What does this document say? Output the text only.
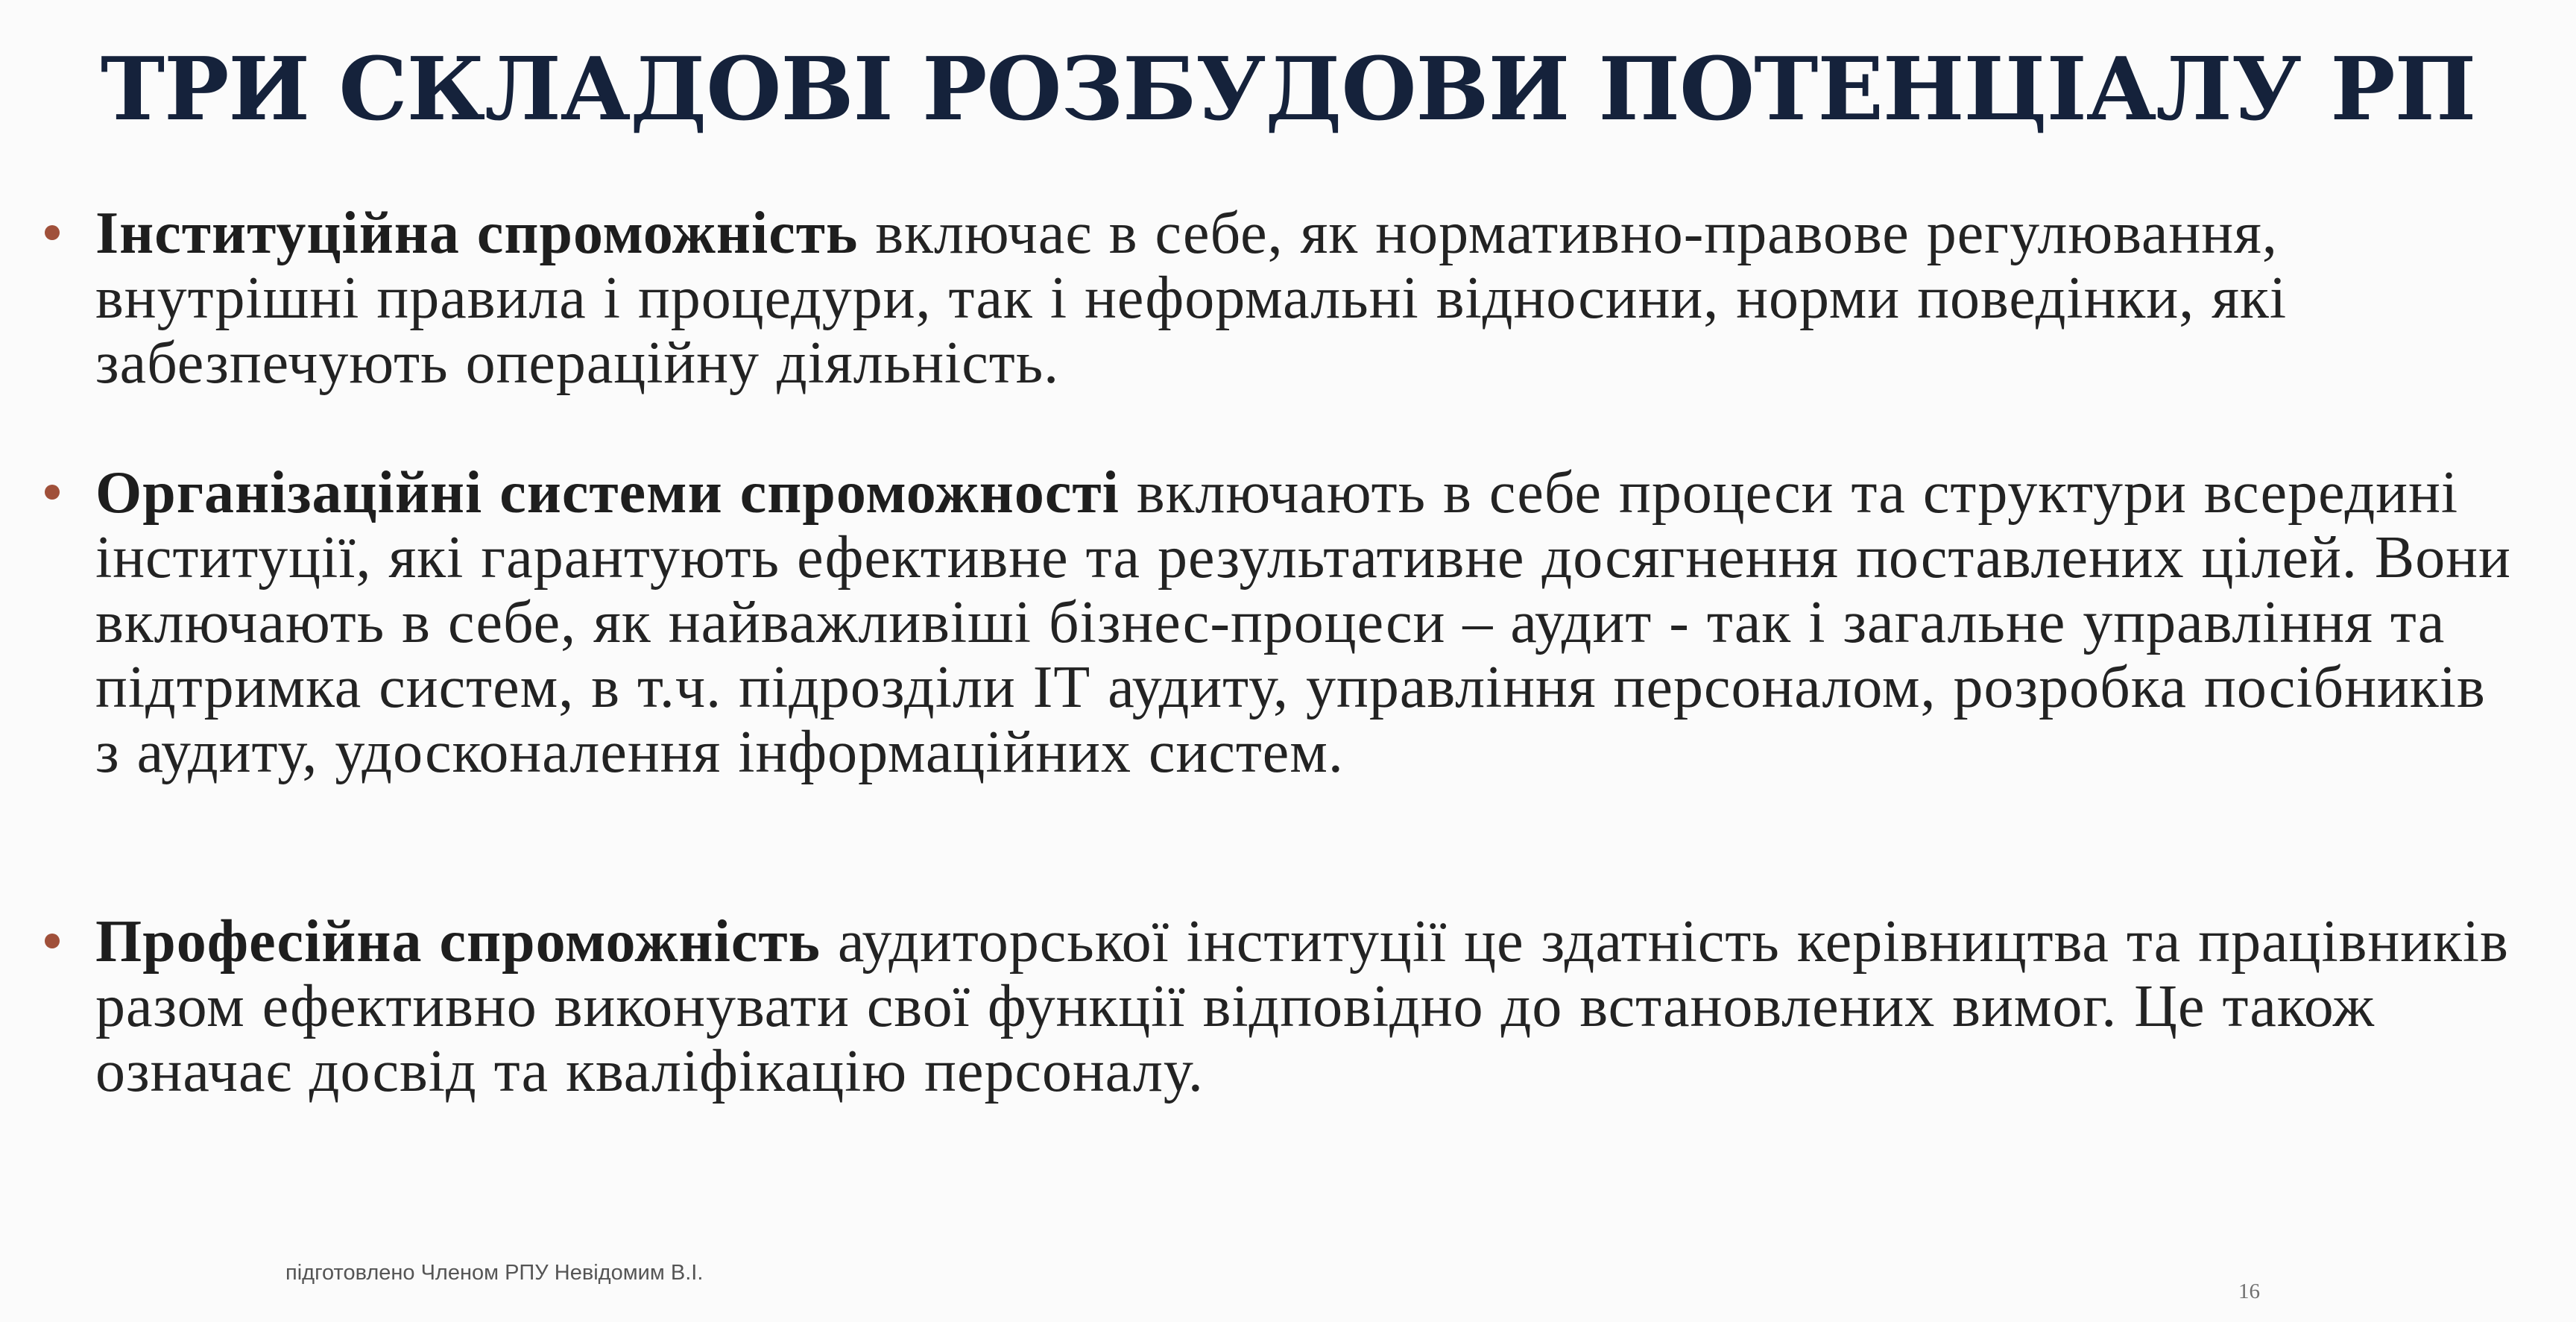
ТРИ СКЛАДОВІ РОЗБУДОВИ ПОТЕНЦІАЛУ РП

Інституційна спроможність включає в себе, як нормативно-правове регулювання, внутрішні правила і процедури, так і неформальні відносини, норми поведінки, які забезпечують операційну діяльність.

Організаційні системи спроможності включають в себе процеси та структури всередині інституції, які гарантують ефективне та результативне досягнення поставлених цілей. Вони включають в себе, як найважливіші бізнес-процеси – аудит - так і загальне управління та підтримка систем, в т.ч. підрозділи ІТ аудиту, управління персоналом, розробка посібників з аудиту, удосконалення інформаційних систем.

Професійна спроможність аудиторської інституції це здатність керівництва та працівників разом ефективно виконувати свої функції відповідно до встановлених вимог. Це також означає досвід та кваліфікацію персоналу.

підготовлено Членом РПУ Невідомим В.І.
16
